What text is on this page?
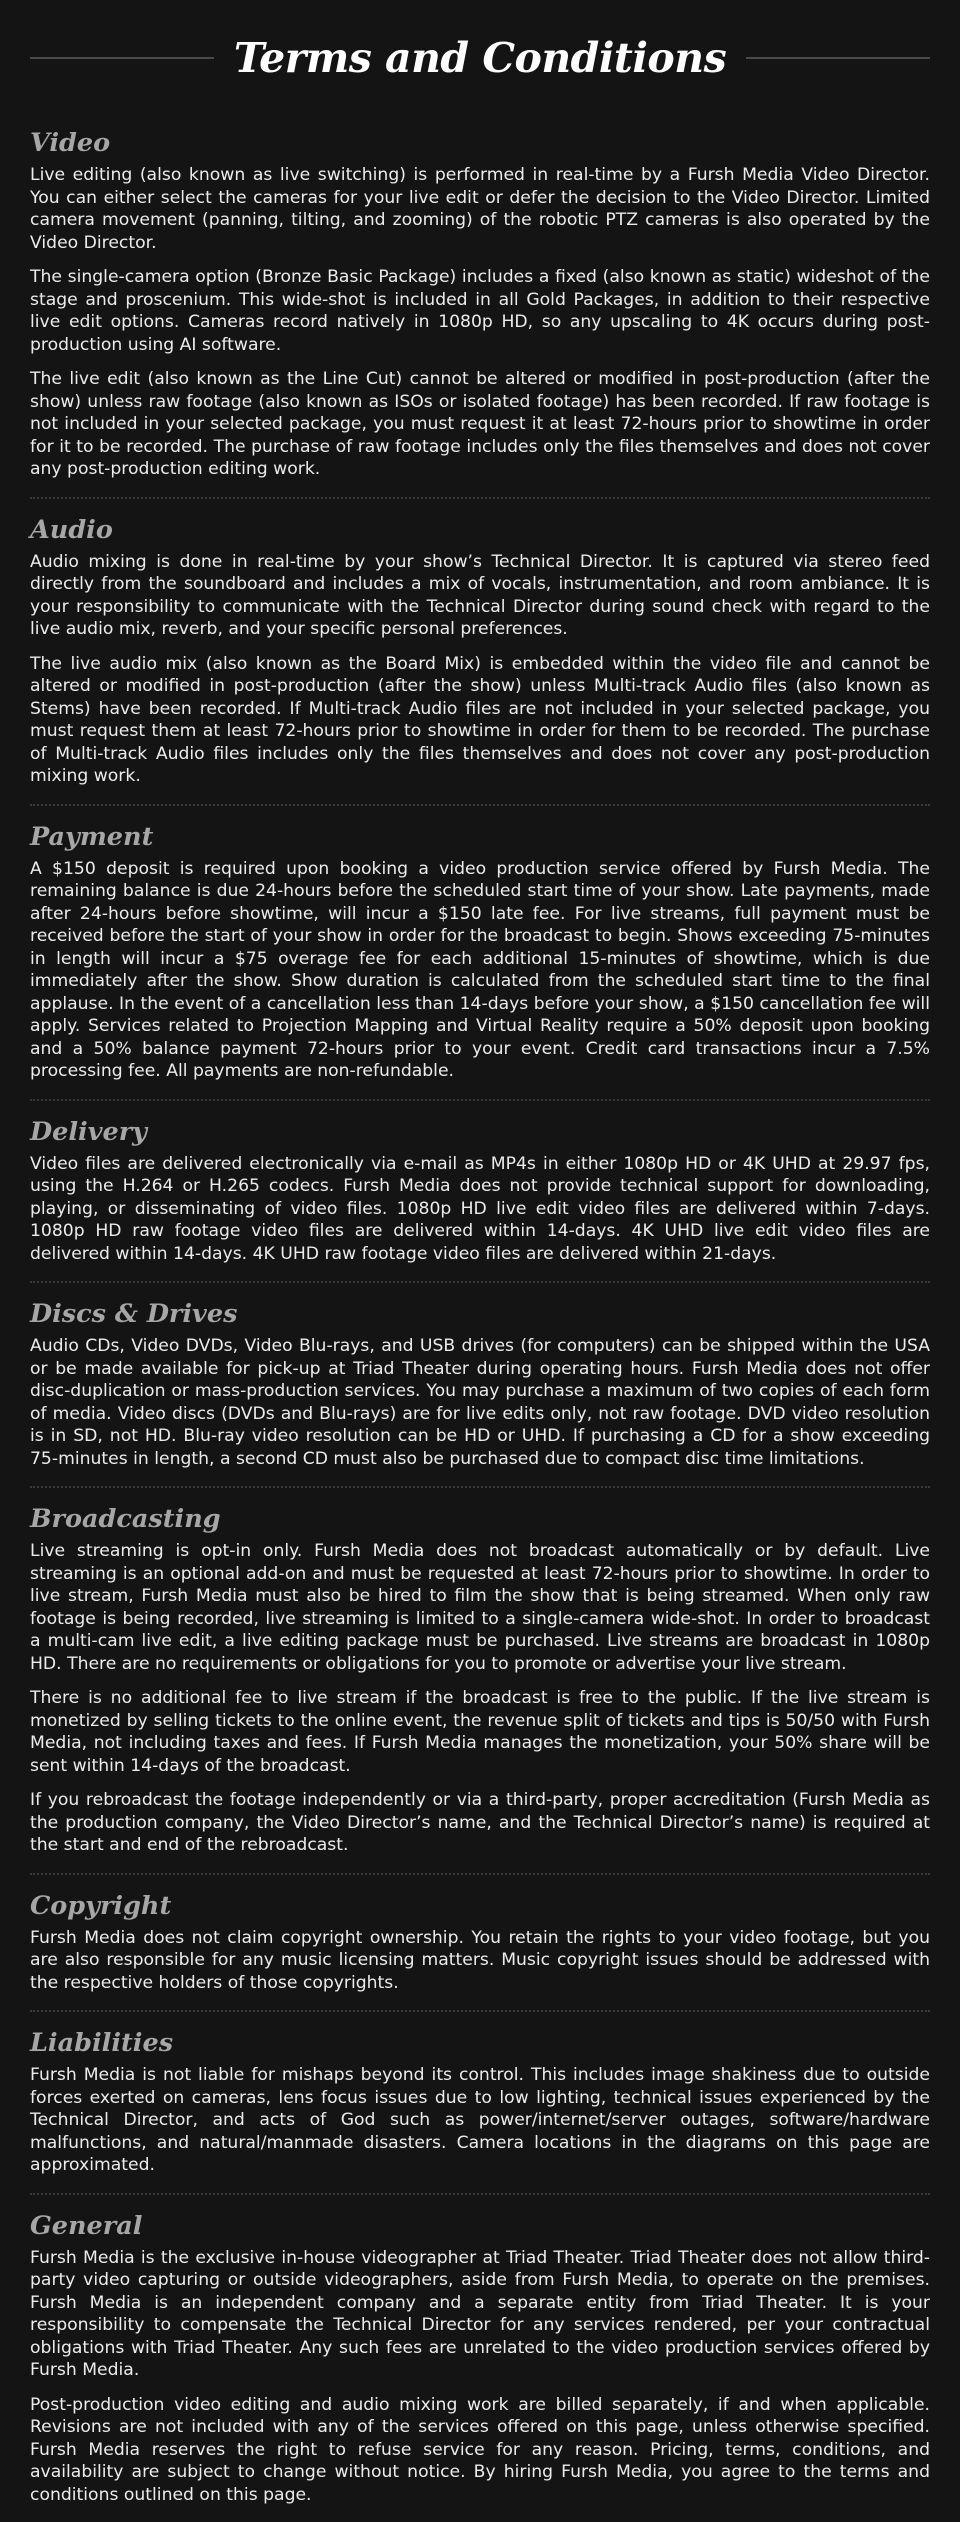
Terms and Conditions
Video

Live editing (also known as live switching) is performed in real-time by a Fursh Media Video Director. You can either select the cameras for your live edit or defer the decision to the Video Director. Limited camera movement (panning, tilting, and zooming) of the robotic PTZ cameras is also operated by the Video Director.

The single-camera option (Bronze Basic Package) includes a fixed (also known as static) wideshot of the stage and proscenium. This wide-shot is included in all Gold Packages, in addition to their respective live edit options. Cameras record natively in 1080p HD, so any upscaling to 4K occurs during post-production using AI software.

The live edit (also known as the Line Cut) cannot be altered or modified in post-production (after the show) unless raw footage (also known as ISOs or isolated footage) has been recorded. If raw footage is not included in your selected package, you must request it at least 72-hours prior to showtime in order for it to be recorded. The purchase of raw footage includes only the files themselves and does not cover any post-production editing work.

Audio

Audio mixing is done in real-time by your show’s Technical Director. It is captured via stereo feed directly from the soundboard and includes a mix of vocals, instrumentation, and room ambiance. It is your responsibility to communicate with the Technical Director during sound check with regard to the live audio mix, reverb, and your specific personal preferences.

The live audio mix (also known as the Board Mix) is embedded within the video file and cannot be altered or modified in post-production (after the show) unless Multi-track Audio files (also known as Stems) have been recorded. If Multi-track Audio files are not included in your selected package, you must request them at least 72-hours prior to showtime in order for them to be recorded. The purchase of Multi-track Audio files includes only the files themselves and does not cover any post-production mixing work.

Payment

A $150 deposit is required upon booking a video production service offered by Fursh Media. The remaining balance is due 24-hours before the scheduled start time of your show. Late payments, made after 24-hours before showtime, will incur a $150 late fee. For live streams, full payment must be received before the start of your show in order for the broadcast to begin. Shows exceeding 75-minutes in length will incur a $75 overage fee for each additional 15-minutes of showtime, which is due immediately after the show. Show duration is calculated from the scheduled start time to the final applause. In the event of a cancellation less than 14-days before your show, a $150 cancellation fee will apply. Services related to Projection Mapping and Virtual Reality require a 50% deposit upon booking and a 50% balance payment 72-hours prior to your event. Credit card transactions incur a 7.5% processing fee. All payments are non-refundable.

Delivery

Video files are delivered electronically via e-mail as MP4s in either 1080p HD or 4K UHD at 29.97 fps, using the H.264 or H.265 codecs. Fursh Media does not provide technical support for downloading, playing, or disseminating of video files. 1080p HD live edit video files are delivered within 7-days. 1080p HD raw footage video files are delivered within 14-days. 4K UHD live edit video files are delivered within 14-days. 4K UHD raw footage video files are delivered within 21-days.

Discs & Drives

Audio CDs, Video DVDs, Video Blu-rays, and USB drives (for computers) can be shipped within the USA or be made available for pick-up at Triad Theater during operating hours. Fursh Media does not offer disc-duplication or mass-production services. You may purchase a maximum of two copies of each form of media. Video discs (DVDs and Blu-rays) are for live edits only, not raw footage. DVD video resolution is in SD, not HD. Blu-ray video resolution can be HD or UHD. If purchasing a CD for a show exceeding 75-minutes in length, a second CD must also be purchased due to compact disc time limitations.

Broadcasting

Live streaming is opt-in only. Fursh Media does not broadcast automatically or by default. Live streaming is an optional add-on and must be requested at least 72-hours prior to showtime. In order to live stream, Fursh Media must also be hired to film the show that is being streamed. When only raw footage is being recorded, live streaming is limited to a single-camera wide-shot. In order to broadcast a multi-cam live edit, a live editing package must be purchased. Live streams are broadcast in 1080p HD. There are no requirements or obligations for you to promote or advertise your live stream.

There is no additional fee to live stream if the broadcast is free to the public. If the live stream is monetized by selling tickets to the online event, the revenue split of tickets and tips is 50/50 with Fursh Media, not including taxes and fees. If Fursh Media manages the monetization, your 50% share will be sent within 14-days of the broadcast.

If you rebroadcast the footage independently or via a third-party, proper accreditation (Fursh Media as the production company, the Video Director’s name, and the Technical Director’s name) is required at the start and end of the rebroadcast.

Copyright

Fursh Media does not claim copyright ownership. You retain the rights to your video footage, but you are also responsible for any music licensing matters. Music copyright issues should be addressed with the respective holders of those copyrights.

Liabilities

Fursh Media is not liable for mishaps beyond its control. This includes image shakiness due to outside forces exerted on cameras, lens focus issues due to low lighting, technical issues experienced by the Technical Director, and acts of God such as power/internet/server outages, software/hardware malfunctions, and natural/manmade disasters. Camera locations in the diagrams on this page are approximated.

General

Fursh Media is the exclusive in-house videographer at Triad Theater. Triad Theater does not allow third-party video capturing or outside videographers, aside from Fursh Media, to operate on the premises. Fursh Media is an independent company and a separate entity from Triad Theater. It is your responsibility to compensate the Technical Director for any services rendered, per your contractual obligations with Triad Theater. Any such fees are unrelated to the video production services offered by Fursh Media.

Post-production video editing and audio mixing work are billed separately, if and when applicable. Revisions are not included with any of the services offered on this page, unless otherwise specified. Fursh Media reserves the right to refuse service for any reason. Pricing, terms, conditions, and availability are subject to change without notice. By hiring Fursh Media, you agree to the terms and conditions outlined on this page.
